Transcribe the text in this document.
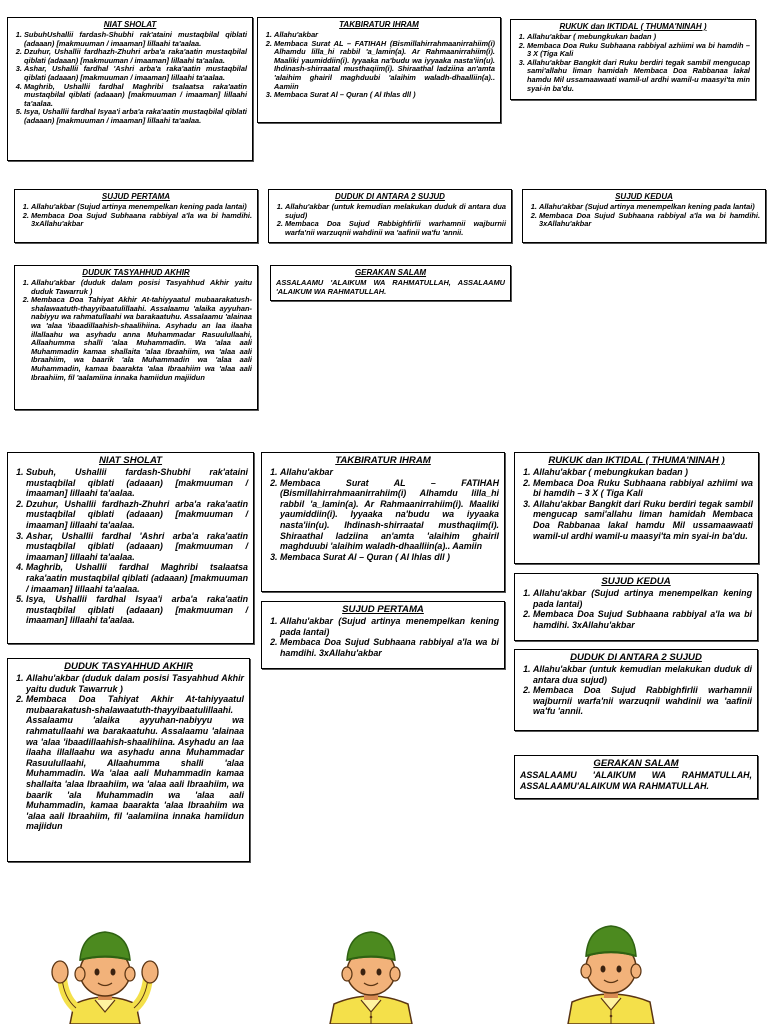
NIAT SHOLAT
1. SubuhUshallii fardash-Shubhi rak'ataini mustaqbilal qiblati (adaaan) [makmuuman / imaaman] lillaahi ta'aalaa.
2. Dzuhur, Ushallii fardhazh-Zhuhri arba'a raka'aatin mustaqbilal qiblati (adaaan) [makmuuman / imaaman] lillaahi ta'aalaa.
3. Ashar, Ushallii fardhal 'Ashri arba'a raka'aatin mustaqbilal qiblati (adaaan) [makmuuman / imaaman] lillaahi ta'aalaa.
4. Maghrib, Ushallii fardhal Maghribi tsalaatsa raka'aatin mustaqbilal qiblati (adaaan) [makmuuman / imaaman] lillaahi ta'aalaa.
5. Isya, Ushallii fardhal Isyaa'i arba'a raka'aatin mustaqbilal qiblati (adaaan) [makmuuman / imaaman] lillaahi ta'aalaa.
TAKBIRATUR IHRAM
1. Allahu'akbar
2. Membaca Surat AL – FATIHAH (Bismillahirrahmaanirrahiim(i) Alhamdu lilla_hi rabbil 'a_lamin(a). Ar Rahmaanirrahiim(i). Maaliki yaumiddiin(i). Iyyaaka na'budu wa iyyaaka nasta'iin(u). Ihdinash-shirraatal musthaqiim(i). Shiraathal ladziina an'amta 'alaihim ghairil maghduubi 'alaihim waladh-dhaalliin(a).. Aamiin
3. Membaca Surat Al – Quran ( Al Ihlas dll )
RUKUK dan IKTIDAL ( THUMA'NINAH )
1. Allahu'akbar ( mebungkukan badan )
2. Membaca Doa Ruku Subhaana rabbiyal azhiimi wa bi hamdih – 3 X (Tiga Kali
3. Allahu'akbar Bangkit dari Ruku berdiri tegak sambil mengucap sami'allahu liman hamidah Membaca Doa Rabbanaa lakal hamdu Mil ussamaawaati wamil-ul ardhi wamil-u maasyi'ta min syai-in ba'du.
SUJUD PERTAMA
1. Allahu'akbar (Sujud artinya menempelkan kening pada lantai)
2. Membaca Doa Sujud Subhaana rabbiyal a'la wa bi hamdihi. 3xAllahu'akbar
DUDUK DI ANTARA 2 SUJUD
1. Allahu'akbar (untuk kemudian melakukan duduk di antara dua sujud)
2. Membaca Doa Sujud Rabbighfirlii warhamnii wajburnii warfa'nii warzuqnii wahdinii wa 'aafinii wa'fu 'annii.
SUJUD KEDUA
1. Allahu'akbar (Sujud artinya menempelkan kening pada lantai)
2. Membaca Doa Sujud Subhaana rabbiyal a'la wa bi hamdihi. 3xAllahu'akbar
DUDUK TASYAHHUD AKHIR
1. Allahu'akbar (duduk dalam posisi Tasyahhud Akhir yaitu duduk Tawarruk )
2. Membaca Doa Tahiyat Akhir At-tahiyyaatul mubaarakatush-shalawaatuth-thayyibaatulillaahi. Assalaamu 'alaika ayyuhan-nabiyyu wa rahmatullaahi wa barakaatuhu. Assalaamu 'alainaa wa 'alaa 'ibaadillaahish-shaalihiina. Asyhadu an laa ilaaha illallaahu wa asyhadu anna Muhammadar Rasuulullaahi, Allaahumma shalli 'alaa Muhammadin. Wa 'alaa aali Muhammadin kamaa shallaita 'alaa Ibraahiim, wa 'alaa aali Ibraahiim, wa baarik 'ala Muhammadin wa 'alaa aali Muhammadin, kamaa baarakta 'alaa Ibraahiim wa 'alaa aali Ibraahiim, fil 'aalamiina innaka hamiidun majiidun
GERAKAN SALAM

ASSALAAMU 'ALAIKUM WA RAHMATULLAH, ASSALAAMU 'ALAIKUM WA RAHMATULLAH.

NIAT SHOLAT
1. Subuh, Ushallii fardash-Shubhi rak'ataini mustaqbilal qiblati (adaaan) [makmuuman / imaaman] lillaahi ta'aalaa.
2. Dzuhur, Ushallii fardhazh-Zhuhri arba'a raka'aatin mustaqbilal qiblati (adaaan) [makmuuman / imaaman] lillaahi ta'aalaa.
3. Ashar, Ushallii fardhal 'Ashri arba'a raka'aatin mustaqbilal qiblati (adaaan) [makmuuman / imaaman] lillaahi ta'aalaa.
4. Maghrib, Ushallii fardhal Maghribi tsalaatsa raka'aatin mustaqbilal qiblati (adaaan) [makmuuman / imaaman] lillaahi ta'aalaa.
5. Isya, Ushallii fardhal Isyaa'i arba'a raka'aatin mustaqbilal qiblati (adaaan) [makmuuman / imaaman] lillaahi ta'aalaa.
TAKBIRATUR IHRAM
1. Allahu'akbar
2. Membaca Surat AL – FATIHAH (Bismillahirrahmaanirrahiim(i) Alhamdu lilla_hi rabbil 'a_lamin(a). Ar Rahmaanirrahiim(i). Maaliki yaumiddiin(i). Iyyaaka na'budu wa iyyaaka nasta'iin(u). Ihdinash-shirraatal musthaqiim(i). Shiraathal ladziina an'amta 'alaihim ghairil maghduubi 'alaihim waladh-dhaalliin(a).. Aamiin
3. Membaca Surat Al – Quran ( Al Ihlas dll )
RUKUK dan IKTIDAL ( THUMA'NINAH )
1. Allahu'akbar ( mebungkukan badan )
2. Membaca Doa Ruku Subhaana rabbiyal azhiimi wa bi hamdih – 3 X ( Tiga Kali
3. Allahu'akbar Bangkit dari Ruku berdiri tegak sambil mengucap sami'allahu liman hamidah Membaca Doa Rabbanaa lakal hamdu Mil ussamaawaati wamil-ul ardhi wamil-u maasyi'ta min syai-in ba'du.
SUJUD KEDUA
1. Allahu'akbar (Sujud artinya menempelkan kening pada lantai)
2. Membaca Doa Sujud Subhaana rabbiyal a'la wa bi hamdihi. 3xAllahu'akbar
SUJUD PERTAMA
1. Allahu'akbar (Sujud artinya menempelkan kening pada lantai)
2. Membaca Doa Sujud Subhaana rabbiyal a'la wa bi hamdihi. 3xAllahu'akbar	DUDUK DI ANTARA 2 SUJUD
1. Allahu'akbar (untuk kemudian melakukan duduk di antara dua sujud)
2. Membaca Doa Sujud Rabbighfirlii warhamnii wajburnii warfa'nii warzuqnii wahdinii wa 'aafinii wa'fu 'annii.
DUDUK TASYAHHUD AKHIR
1. Allahu'akbar (duduk dalam posisi Tasyahhud Akhir yaitu duduk Tawarruk )
2. Membaca Doa Tahiyat Akhir At-tahiyyaatul mubaarakatush-shalawaatuth-thayyibaatulillaahi. Assalaamu 'alaika ayyuhan-nabiyyu wa rahmatullaahi wa barakaatuhu. Assalaamu 'alainaa wa 'alaa 'ibaadillaahish-shaalihiina. Asyhadu an laa ilaaha illallaahu wa asyhadu anna Muhammadar Rasuulullaahi, Allaahumma shalli 'alaa Muhammadin. Wa 'alaa aali Muhammadin kamaa shallaita 'alaa Ibraahiim, wa 'alaa aali Ibraahiim, wa baarik 'ala Muhammadin wa 'alaa aali Muhammadin, kamaa baarakta 'alaa Ibraahiim wa 'alaa aali Ibraahiim, fil 'aalamiina innaka hamiidun majiidun
GERAKAN SALAM

ASSALAAMU 'ALAIKUM WA RAHMATULLAH, ASSALAAMU'ALAIKUM WA RAHMATULLAH.
